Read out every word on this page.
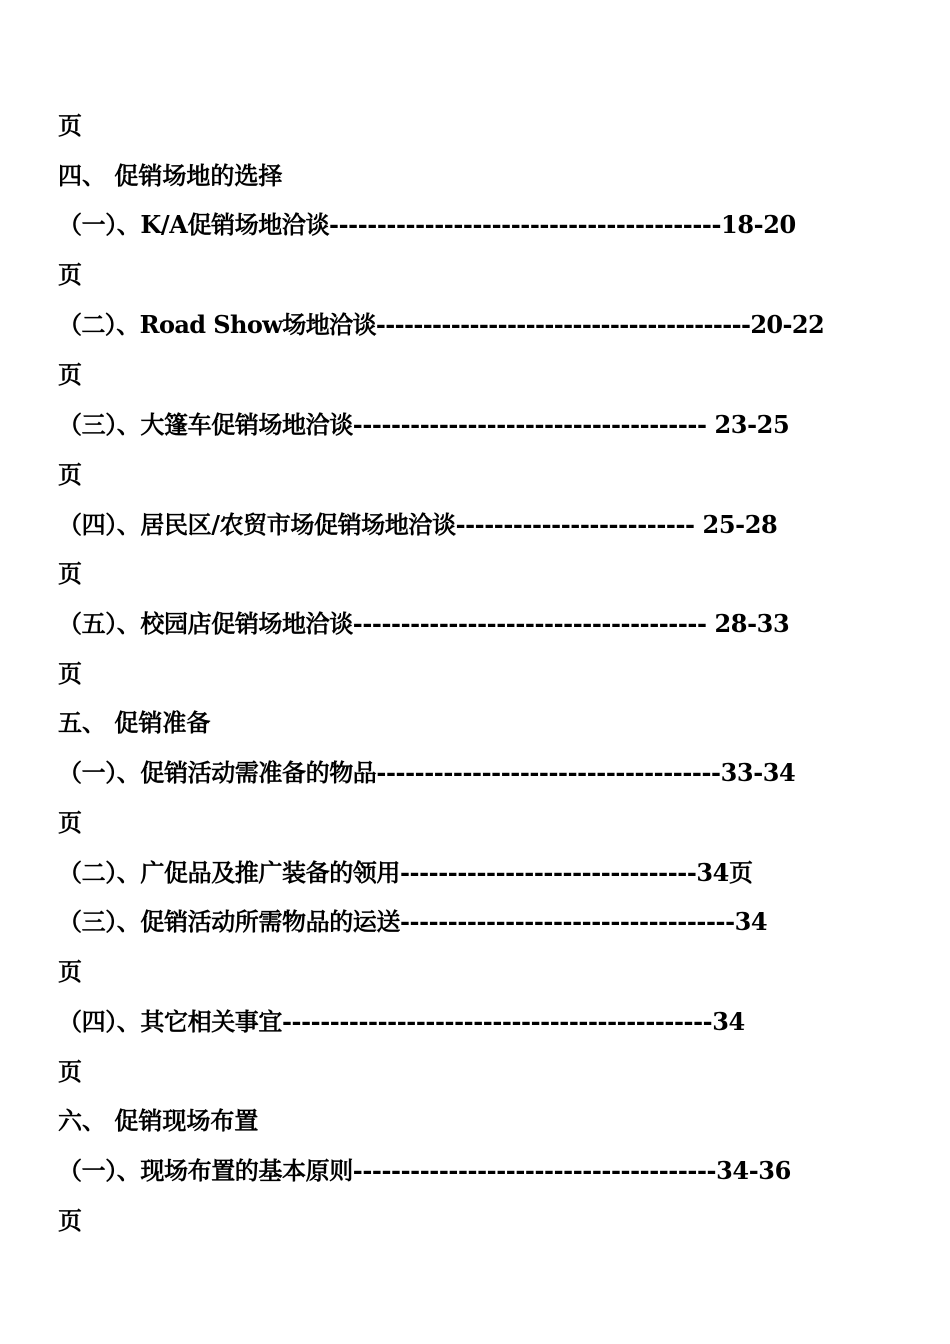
页
四、 促销场地的选择
（一）、K/A促销场地洽谈-----------------------------------------18-20
页
（二）、Road Show场地洽谈----------------------------------------20-22
页
（三）、大篷车促销场地洽谈------------------------------------- 23-25
页
（四）、居民区/农贸市场促销场地洽谈------------------------- 25-28
页
（五）、校园店促销场地洽谈------------------------------------- 28-33
页
五、 促销准备
（一）、促销活动需准备的物品------------------------------------33-34
页
（二）、广促品及推广装备的领用-------------------------------34页
（三）、促销活动所需物品的运送-----------------------------------34
页
（四）、其它相关事宜---------------------------------------------34
页
六、 促销现场布置
（一）、现场布置的基本原则--------------------------------------34-36
页
